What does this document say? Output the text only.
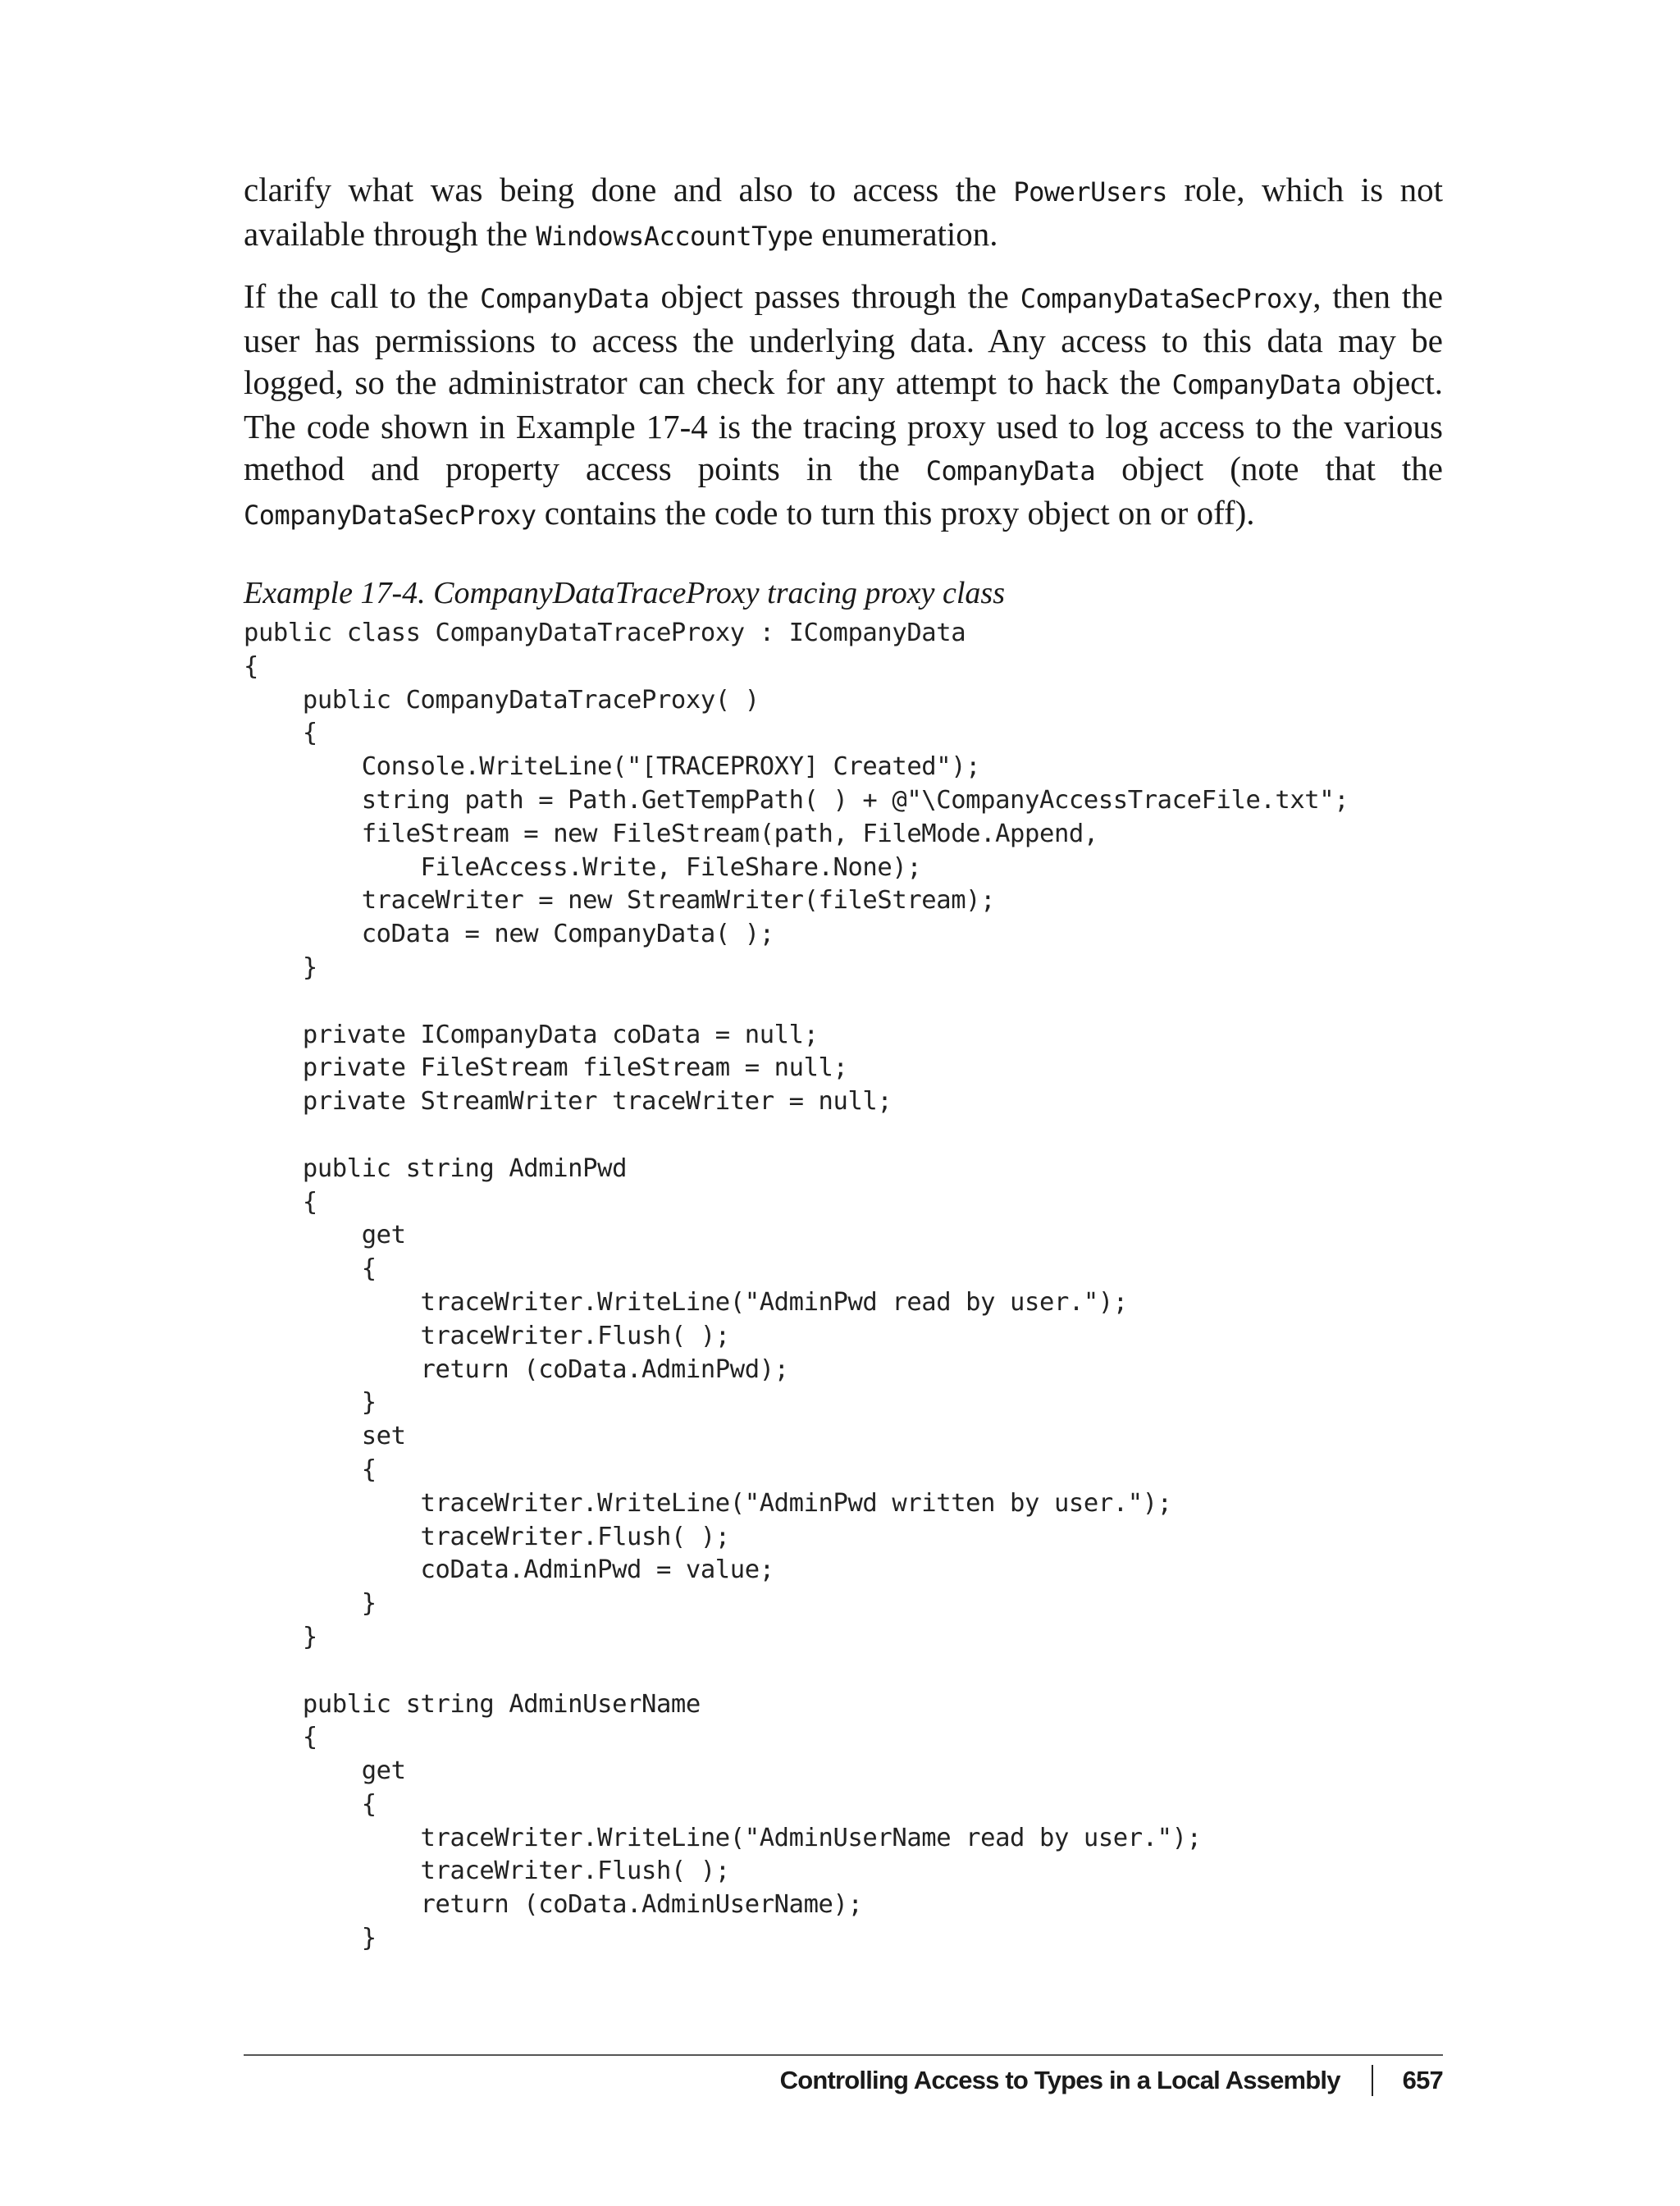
clarify what was being done and also to access the PowerUsers role, which is not available through the WindowsAccountType enumeration.

If the call to the CompanyData object passes through the CompanyDataSecProxy, then the user has permissions to access the underlying data. Any access to this data may be logged, so the administrator can check for any attempt to hack the CompanyData object. The code shown in Example 17-4 is the tracing proxy used to log access to the various method and property access points in the CompanyData object (note that the CompanyDataSecProxy contains the code to turn this proxy object on or off).

Example 17-4. CompanyDataTraceProxy tracing proxy class
public class CompanyDataTraceProxy : ICompanyData
{
public CompanyDataTraceProxy( )
{
Console.WriteLine("[TRACEPROXY] Created");
string path = Path.GetTempPath( ) + @"\CompanyAccessTraceFile.txt";
fileStream = new FileStream(path, FileMode.Append,
FileAccess.Write, FileShare.None);
traceWriter = new StreamWriter(fileStream);
coData = new CompanyData( );
}

private ICompanyData coData = null;
private FileStream fileStream = null;
private StreamWriter traceWriter = null;

public string AdminPwd
{
get
{
traceWriter.WriteLine("AdminPwd read by user.");
traceWriter.Flush( );
return (coData.AdminPwd);
}
set
{
traceWriter.WriteLine("AdminPwd written by user.");
traceWriter.Flush( );
coData.AdminPwd = value;
}
}

public string AdminUserName
{
get
{
traceWriter.WriteLine("AdminUserName read by user.");
traceWriter.Flush( );
return (coData.AdminUserName);
}
Controlling Access to Types in a Local Assembly 657
